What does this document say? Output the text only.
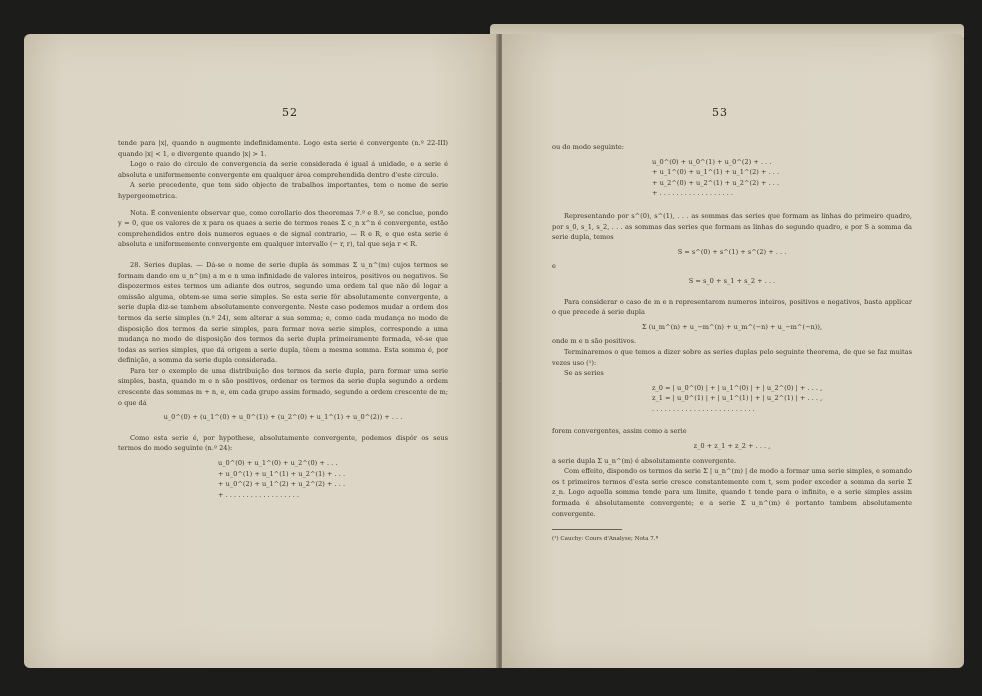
52

tende para |x|, quando n augmente indefinidamente. Logo esta serie é convergente (n.º 22-III) quando |x| < 1, e divergente quando |x| > 1.

Logo o raio do circulo de convergencia da serie considerada é igual á unidade, e a serie é absoluta e uniformemente convergente em qualquer área comprehendida dentro d'este circulo.

A serie precedente, que tem sido objecto de trabalhos importantes, tem o nome de serie hypergeometrica.

Nota. É conveniente observar que, como corollario dos theoremas 7.º e 8.º, se conclue, pondo y = 0, que os valores de x para os quaes a serie de termos reaes Σ c_n x^n é convergente, estão comprehendidos entre dois numeros eguaes e de signal contrario, — R e R, e que esta serie é absoluta e uniformemente convergente em qualquer intervallo (− r, r), tal que seja r < R.

28. Series duplas. — Dá-se o nome de serie dupla ás sommas Σ u_n^(m) cujos termos se formam dando em u_n^(m) a m e n uma infinidade de valores inteiros, positivos ou negativos. Se dispozermos estes termos um adiante dos outros, segundo uma ordem tal que não dê logar a omissão alguma, obtem-se uma serie simples. Se esta serie fôr absolutamente convergente, a serie dupla diz-se tambem absolutamente convergente. Neste caso podemos mudar a ordem dos termos da serie simples (n.º 24), sem alterar a sua somma; e, como cada mudança no modo de disposição dos termos da serie simples, para formar nova serie simples, corresponde a uma mudança no modo de disposição dos termos da serie dupla primeiramente formada, vê-se que todas as series simples, que dá origem a serie dupla, têem a mesma somma. Esta somma é, por definição, a somma da serie dupla considerada.

Para ter o exemplo de uma distribuição dos termos da serie dupla, para formar uma serie simples, basta, quando m e n são positivos, ordenar os termos da serie dupla segundo a ordem crescente das sommas m + n, e, em cada grupo assim formado, segundo a ordem crescente de m; o que dá

u_0^(0) + (u_1^(0) + u_0^(1)) + (u_2^(0) + u_1^(1) + u_0^(2)) + . . .

Como esta serie é, por hypothese, absolutamente convergente, podemos dispôr os seus termos do modo seguinte (n.º 24):

u_0^(0) + u_1^(0) + u_2^(0) + . . .
+ u_0^(1) + u_1^(1) + u_2^(1) + . . .
+ u_0^(2) + u_1^(2) + u_2^(2) + . . .
+ . . . . . . . . . . . . . . . . . .
53

ou do modo seguinte:

u_0^(0) + u_0^(1) + u_0^(2) + . . .
+ u_1^(0) + u_1^(1) + u_1^(2) + . . .
+ u_2^(0) + u_2^(1) + u_2^(2) + . . .
+ . . . . . . . . . . . . . . . . . .

Representando por s^(0), s^(1), . . . as sommas das series que formam as linhas do primeiro quadro, por s_0, s_1, s_2, . . . as sommas das series que formam as linhas do segundo quadro, e por S a somma da serie dupla, temos

S = s^(0) + s^(1) + s^(2) + . . .

e

S = s_0 + s_1 + s_2 + . . .

Para considerar o caso de m e n representarem numeros inteiros, positivos e negativos, basta applicar o que precede á serie dupla

Σ (u_m^(n) + u_−m^(n) + u_m^(−n) + u_−m^(−n)),

onde m e n são positivos.

Terminaremos o que temos a dizer sobre as series duplas pelo seguinte theorema, de que se faz muitas vezes uso (¹):

Se as series

z_0 = | u_0^(0) | + | u_1^(0) | + | u_2^(0) | + . . . ,
z_1 = | u_0^(1) | + | u_1^(1) | + | u_2^(1) | + . . . ,
. . . . . . . . . . . . . . . . . . . . . . . . .

forem convergentes, assim como a serie

z_0 + z_1 + z_2 + . . . ,

a serie dupla Σ u_n^(m) é absolutamente convergente.

Com effeito, dispondo os termos da serie Σ | u_n^(m) | de modo a formar uma serie simples, e somando os t primeiros termos d'esta serie cresce constantemente com t, sem poder exceder a somma da serie Σ z_n. Logo aquella somma tende para um limite, quando t tende para o infinito, e a serie simples assim formada é absolutamente convergente; e a serie Σ u_n^(m) é portanto tambem absolutamente convergente.

(¹) Cauchy: Cours d'Analyse; Nota 7.ª
